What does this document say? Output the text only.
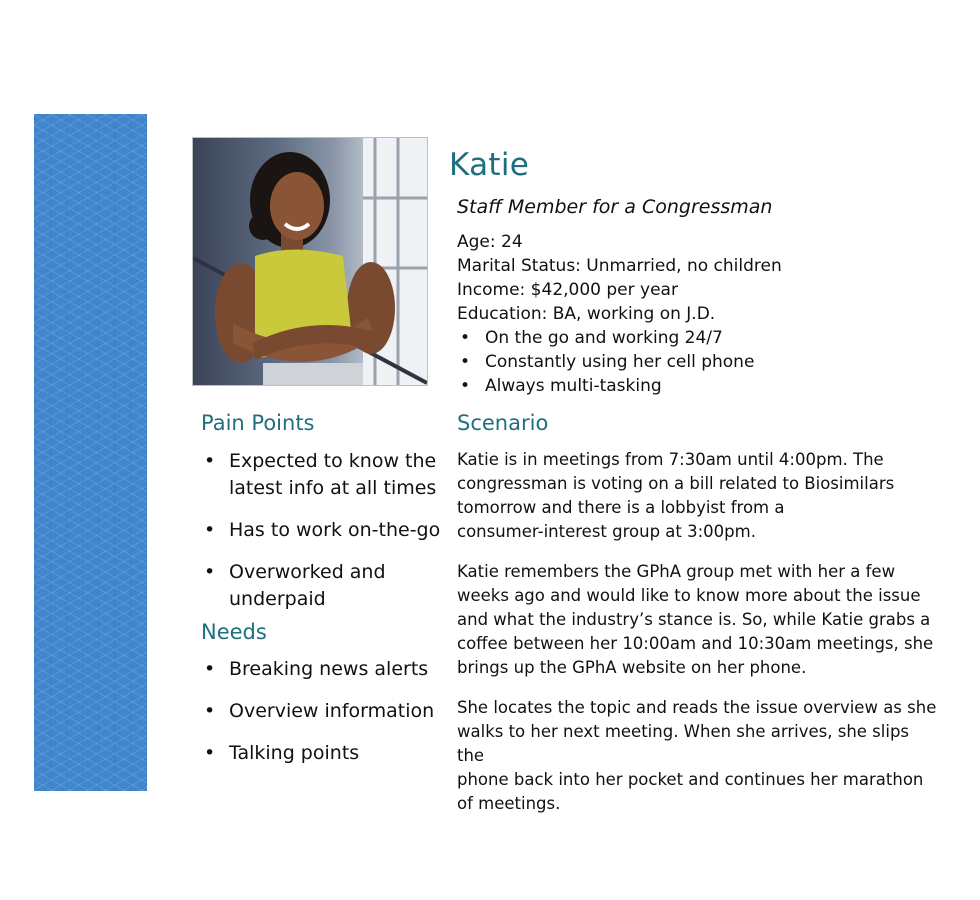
Katie
Staff Member for a Congressman
Age: 24
Marital Status: Unmarried, no children
Income: $42,000 per year
Education: BA, working on J.D.
• On the go and working 24/7
• Constantly using her cell phone
• Always multi-tasking
Pain Points
• Expected to know the
latest info at all times
• Has to work on-the-go
• Overworked and
underpaid
Needs
• Breaking news alerts
• Overview information
• Talking points
Scenario

Katie is in meetings from 7:30am until 4:00pm. The
congressman is voting on a bill related to Biosimilars
tomorrow and there is a lobbyist from a
consumer-interest group at 3:00pm.

Katie remembers the GPhA group met with her a few
weeks ago and would like to know more about the issue
and what the industry’s stance is. So, while Katie grabs a
coffee between her 10:00am and 10:30am meetings, she
brings up the GPhA website on her phone.

She locates the topic and reads the issue overview as she
walks to her next meeting. When she arrives, she slips the
phone back into her pocket and continues her marathon
of meetings.
